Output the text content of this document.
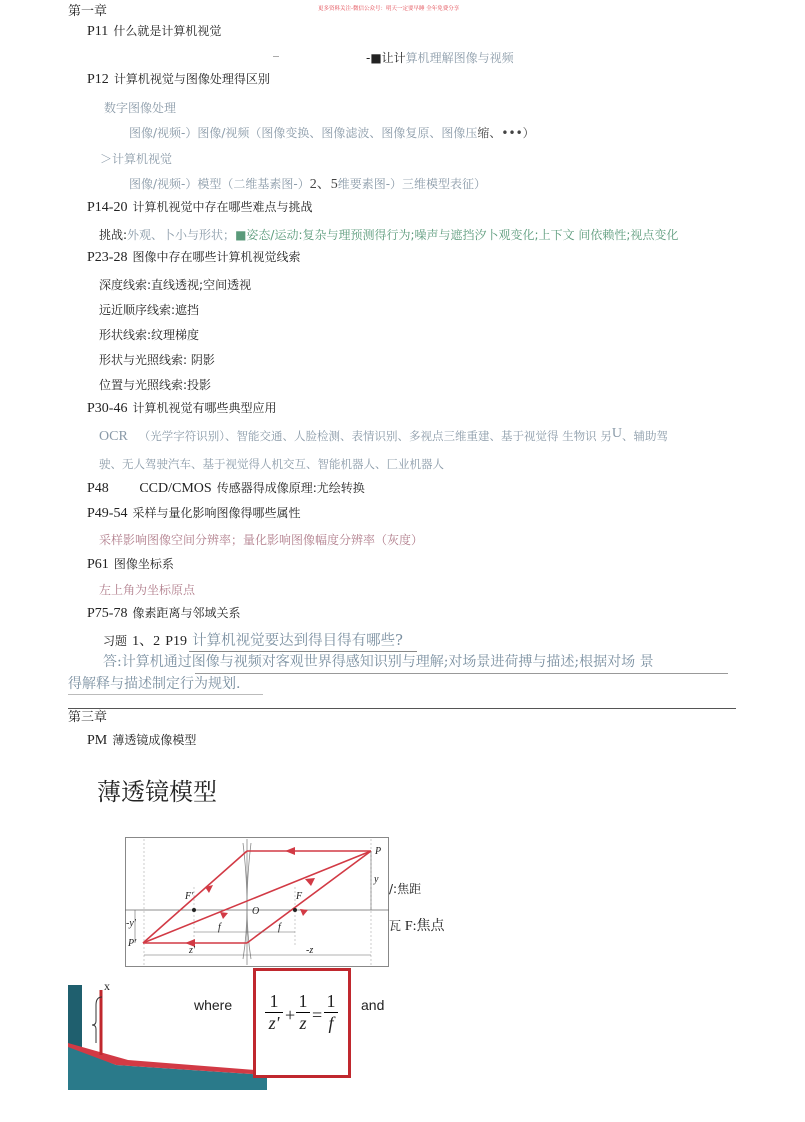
第一章	更多资料关注-微信公众号：明天一定要早睡 全年免费分享
P11 什么就是计算机视觉
-■让计算机理解图像与视频
P12 计算机视觉与图像处理得区别
数字图像处理
图像/视频-）图像/视频（图像变换、图像滤波、图像复原、图像压缩、•••）
＞计算机视觉
图像/视频-）模型（二维基素图-）2、5维要素图-）三维模型表征）
P14-20 计算机视觉中存在哪些难点与挑战
挑战:外观、卜小与形状；■姿态/运动:复杂与理预测得行为;噪声与遮挡汐卜观变化;上下文 间依赖性;视点变化
P23-28 图像中存在哪些计算机视觉线索
深度线索:直线透视;空间透视
远近顺序线索:遮挡
形状线索:纹理梯度
形状与光照线索: 阴影
位置与光照线索:投影
P30-46 计算机视觉有哪些典型应用
OCR （光学字符识别）、智能交通、人脸检测、表情识别、多视点三维重建、基于视觉得 生物识 另U、辅助驾
驶、无人驾驶汽车、基于视觉得人机交互、智能机器人、匚业机器人
P48 CCD/CMOS 传感器得成像原理:尤绘转换
P49-54 采样与量化影响图像得哪些属性
采样影响图像空间分辨率；量化影响图像幅度分辨率（灰度）
P61 图像坐标系
左上角为坐标原点
P75-78 像素距离与邻域关系
习题 1、2 P19 计算机视觉要达到得目得有哪些?
答:计算机通过图像与视频对客观世界得感知识别与理解;对场景进荷搏与描述;根据对场 景
得解释与描述制定行为规划.
第三章
PM 薄透镜成像模型
薄透镜模型
P
P'
F
F'
O
y
-y'	f	f
z'	-z
/:焦距
瓦 F:焦点
x
where $\frac{1}{z'} + \frac{1}{z} = \frac{1}{f}$ and
